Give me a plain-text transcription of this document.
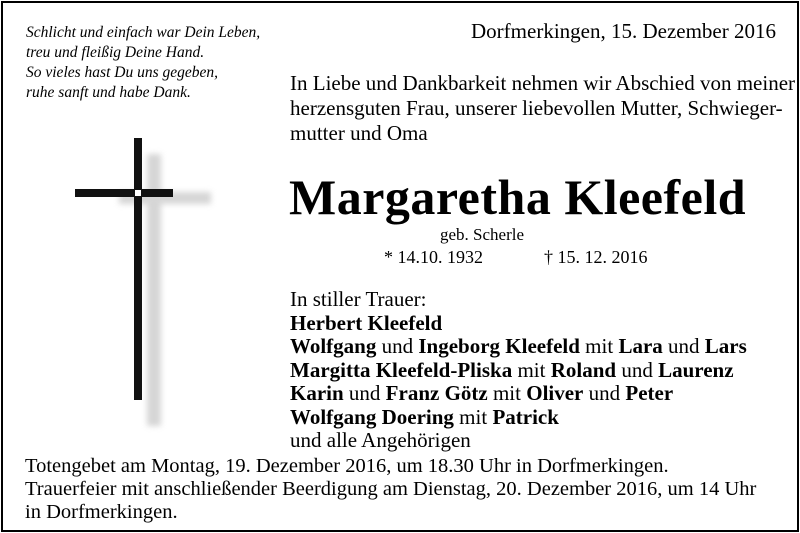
Schlicht und einfach war Dein Leben,
treu und fleißig Deine Hand.
So vieles hast Du uns gegeben,
ruhe sanft und habe Dank.
Dorfmerkingen, 15. Dezember 2016
In Liebe und Dankbarkeit nehmen wir Abschied von meiner
herzensguten Frau, unserer liebevollen Mutter, Schwieger-
mutter und Oma
Margaretha Kleefeld
geb. Scherle
* 14.10. 1932	† 15. 12. 2016
In stiller Trauer:
Herbert Kleefeld
Wolfgang und Ingeborg Kleefeld mit Lara und Lars
Margitta Kleefeld-Pliska mit Roland und Laurenz
Karin und Franz Götz mit Oliver und Peter
Wolfgang Doering mit Patrick
und alle Angehörigen
Totengebet am Montag, 19. Dezember 2016, um 18.30 Uhr in Dorfmerkingen.
Trauerfeier mit anschließender Beerdigung am Dienstag, 20. Dezember 2016, um 14 Uhr
in Dorfmerkingen.
